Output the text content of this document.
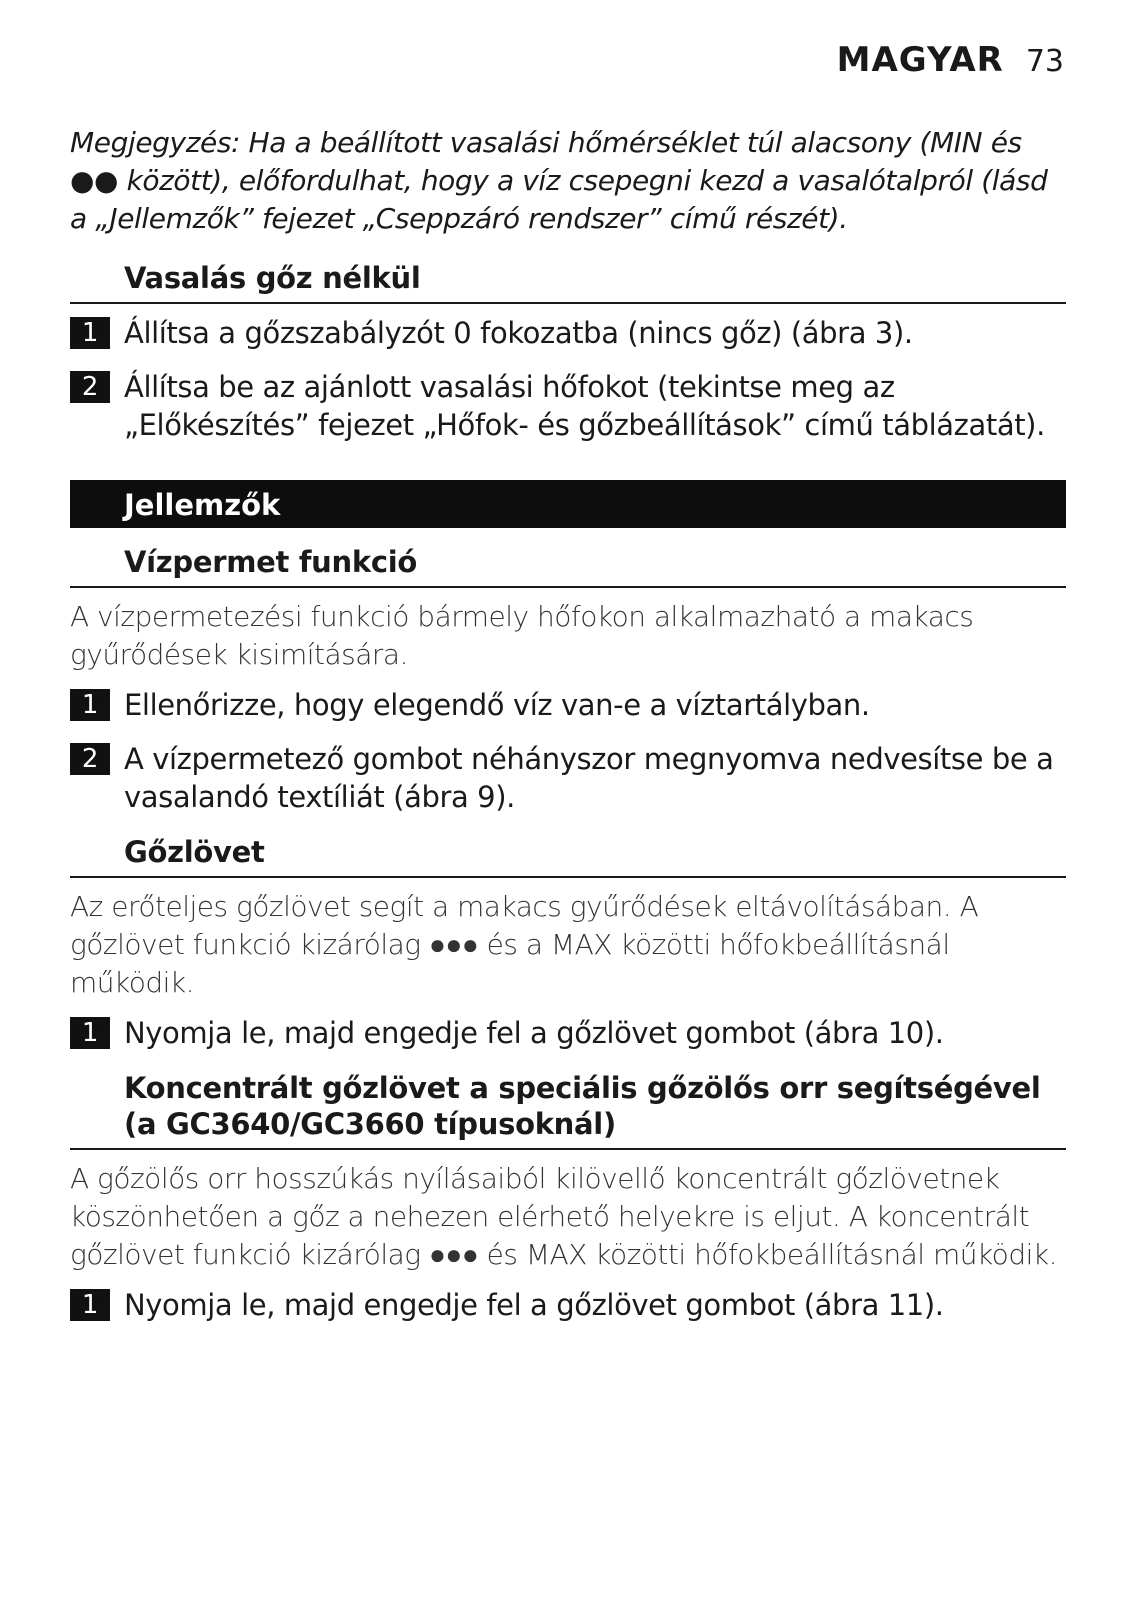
MAGYAR 73

Megjegyzés: Ha a beállított vasalási hőmérséklet túl alacsony (MIN és ●● között), előfordulhat, hogy a víz csepegni kezd a vasalótalpról (lásd a „Jellemzők” fejezet „Cseppzáró rendszer” című részét).

Vasalás gőz nélkül
1 Állítsa a gőzszabályzót 0 fokozatba (nincs gőz) (ábra 3).
2 Állítsa be az ajánlott vasalási hőfokot (tekintse meg az „Előkészítés” fejezet „Hőfok- és gőzbeállítások” című táblázatát).
Jellemzők
Vízpermet funkció

A vízpermetezési funkció bármely hőfokon alkalmazható a makacs gyűrődések kisimítására.

1 Ellenőrizze, hogy elegendő víz van-e a víztartályban.
2 A vízpermetező gombot néhányszor megnyomva nedvesítse be a vasalandó textíliát (ábra 9).
Gőzlövet

Az erőteljes gőzlövet segít a makacs gyűrődések eltávolításában. A gőzlövet funkció kizárólag ●●● és a MAX közötti hőfokbeállításnál működik.

1 Nyomja le, majd engedje fel a gőzlövet gombot (ábra 10).
Koncentrált gőzlövet a speciális gőzölős orr segítségével (a GC3640/GC3660 típusoknál)

A gőzölős orr hosszúkás nyílásaiból kilövellő koncentrált gőzlövetnek köszönhetően a gőz a nehezen elérhető helyekre is eljut. A koncentrált gőzlövet funkció kizárólag ●●● és MAX közötti hőfokbeállításnál működik.

1 Nyomja le, majd engedje fel a gőzlövet gombot (ábra 11).
